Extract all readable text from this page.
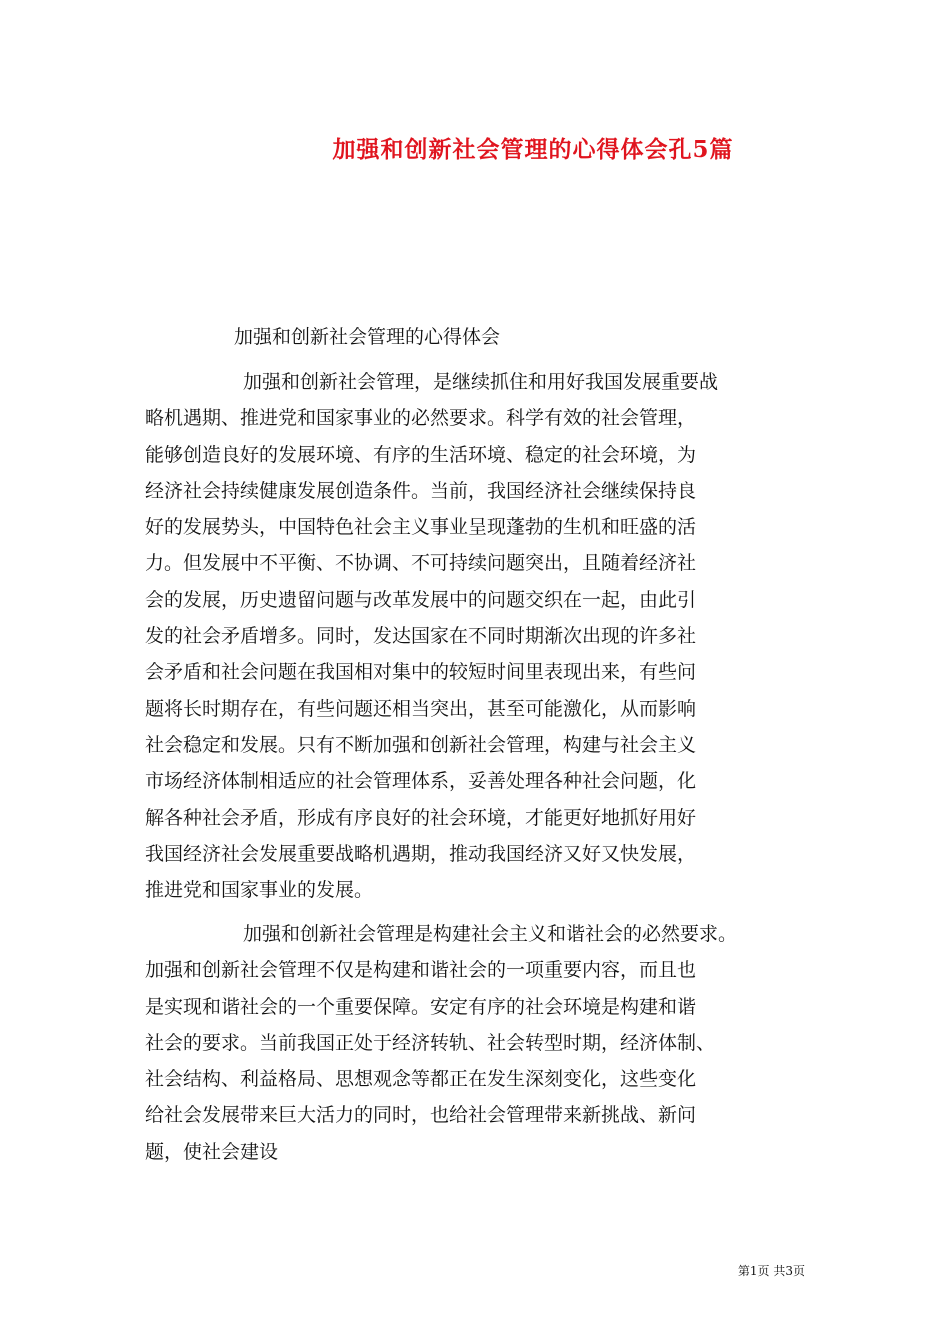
加强和创新社会管理的心得体会孔5篇

加强和创新社会管理的心得体会

加强和创新社会管理，是继续抓住和用好我国发展重要战
略机遇期、推进党和国家事业的必然要求。科学有效的社会管理，
能够创造良好的发展环境、有序的生活环境、稳定的社会环境，为
经济社会持续健康发展创造条件。当前，我国经济社会继续保持良
好的发展势头，中国特色社会主义事业呈现蓬勃的生机和旺盛的活
力。但发展中不平衡、不协调、不可持续问题突出，且随着经济社
会的发展，历史遗留问题与改革发展中的问题交织在一起，由此引
发的社会矛盾增多。同时，发达国家在不同时期渐次出现的许多社
会矛盾和社会问题在我国相对集中的较短时间里表现出来，有些问
题将长时期存在，有些问题还相当突出，甚至可能激化，从而影响
社会稳定和发展。只有不断加强和创新社会管理，构建与社会主义
市场经济体制相适应的社会管理体系，妥善处理各种社会问题，化
解各种社会矛盾，形成有序良好的社会环境，才能更好地抓好用好
我国经济社会发展重要战略机遇期，推动我国经济又好又快发展，
推进党和国家事业的发展。
加强和创新社会管理是构建社会主义和谐社会的必然要求。
加强和创新社会管理不仅是构建和谐社会的一项重要内容，而且也
是实现和谐社会的一个重要保障。安定有序的社会环境是构建和谐
社会的要求。当前我国正处于经济转轨、社会转型时期，经济体制、
社会结构、利益格局、思想观念等都正在发生深刻变化，这些变化
给社会发展带来巨大活力的同时，也给社会管理带来新挑战、新问
题，使社会建设

第1页 共3页
